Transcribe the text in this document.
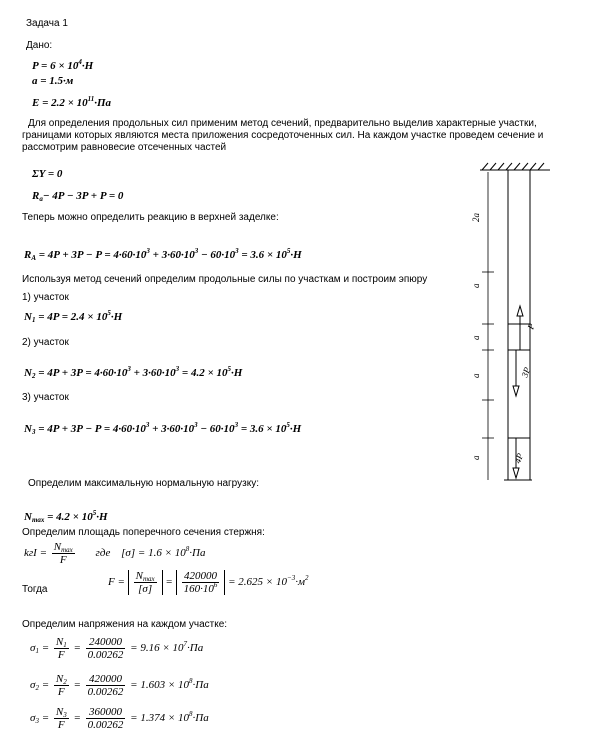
Задача 1
Дано:
$P = 6 \times 10^4\cdot H$
a = 1.5·м
$E = 2.2 \times 10^{11}\cdot Па$
Для определения продольных сил применим метод сечений, предварительно выделив характерные участки,
границами которых являются места приложения сосредоточенных сил. На каждом участке проведем сечение и
рассмотрим равновесие отсеченных частей
ΣY = 0
$R_a- 4P - 3P + P = 0$
Теперь можно определить реакцию в верхней заделке:
$R_A = 4P + 3P - P = 4\cdot 60\cdot 10^3 + 3\cdot 60\cdot 10^3 - 60\cdot 10^3 = 3.6 \times 10^5\cdot H$
Используя метод сечений определим продольные силы по участкам и построим эпюру
1) участок
$N_1 = 4P = 2.4 \times 10^5\cdot H$
2) участок
$N_2 = 4P + 3P = 4\cdot 60\cdot 10^3 + 3\cdot 60\cdot 10^3 = 4.2 \times 10^5\cdot H$
3) участок
$N_3 = 4P + 3P - P = 4\cdot 60\cdot 10^3 + 3\cdot 60\cdot 10^3 - 60\cdot 10^3 = 3.6 \times 10^5\cdot H$
Определим максимальную нормальную нагрузку:
$N_{max} = 4.2 \times 10^5\cdot H$
Определим площадь поперечного сечения стержня:
kгI = $\frac{N_{max}}{F}$ где $[\sigma] = 1.6 \times 10^8\cdot Па$
Тогда
$F = \frac{N_{max}}{[\sigma]} = \frac{420000}{160\cdot 10^6} = 2.625 \times 10^{-3}\cdot м^2$
Определим напряжения на каждом участке:
$\sigma_1 = \frac{N_1}{F} = \frac{240000}{0.00262} = 9.16 \times 10^7\cdot Па$
$\sigma_2 = \frac{N_2}{F} = \frac{420000}{0.00262} = 1.603 \times 10^8\cdot Па$
$\sigma_3 = \frac{N_3}{F} = \frac{360000}{0.00262} = 1.374 \times 10^8\cdot Па$
2a
a
a
a
a
P
3P
4P
